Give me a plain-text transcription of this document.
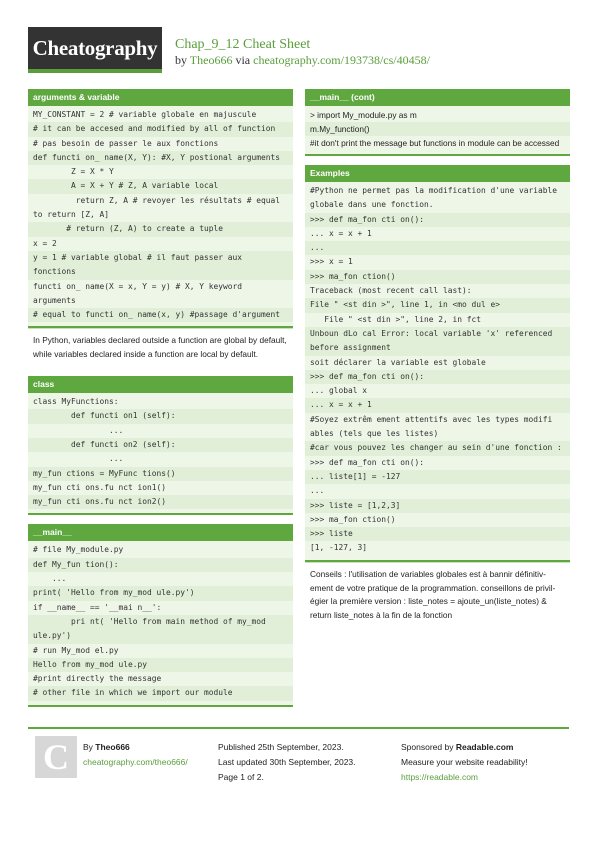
Cheatography	Chap_9_12 Cheat Sheet
by Theo666 via cheatography.com/193738/cs/40458/
arguments & variable
MY_CONSTANT = 2 # variable globale en majuscule
# it can be accesed and modified by all of function
# pas besoin de passer le aux fonctions
def functi on_ name(X, Y): #X, Y postional arguments
Z = X * Y
A = X + Y # Z, A variable local
return Z, A # revoyer les résultats # equal to return [Z, A]
# return (Z, A) to create a tuple
x = 2
y = 1 # variable global # il faut passer aux fonctions
functi on_ name(X = x, Y = y) # X, Y keyword arguments
# equal to functi on_ name(x, y) #passage d'argument
In Python, variables declared outside a function are global by default, while variables declared inside a function are local by default.
class
class MyFunctions:
def functi on1 (self):
...
def functi on2 (self):
...
my_fun ctions = MyFunc tions()
my_fun cti ons.fu nct ion1()
my_fun cti ons.fu nct ion2()
__main__
# file My_module.py
def My_fun tion():
...
print( 'Hello from my_mod ule.py')
if __name__ == '__mai n__':
pri nt( 'Hello from main method of my_mod ule.py')
# run My_mod el.py
Hello from my_mod ule.py
#print directly the message
# other file in which we import our module
__main__ (cont)
> import My_module.py as m
m.My_function()
#it don't print the message but functions in module can be accessed
Examples
#Python ne permet pas la modification d'une variable globale dans une fonction.
>>> def ma_fon cti on():
... x = x + 1
...
>>> x = 1
>>> ma_fon ction()
Traceback (most recent call last):
File " <st din >", line 1, in <mo dul e>
File " <st din >", line 2, in fct
Unboun dLo cal Error: local variable 'x' referenced before assignment
soit déclarer la variable est globale
>>> def ma_fon cti on():
... global x
... x = x + 1
#Soyez extrêm ement attentifs avec les types modifi ables (tels que les listes)
#car vous pouvez les changer au sein d'une fonction :
>>> def ma_fon cti on():
... liste[1] = -127
...
>>> liste = [1,2,3]
>>> ma_fon ction()
>>> liste
[1, -127, 3]
Conseils : l'utilisation de variables globales est à bannir définitivement de votre pratique de la programmation. conseillons de privilégier la première version : liste_notes = ajoute_un(liste_notes) & return liste_notes à la fin de la fonction
C	By Theo666
cheatography.com/theo666/
Published 25th September, 2023.
Last updated 30th September, 2023.
Page 1 of 2.
Sponsored by Readable.com
Measure your website readability!
https://readable.com
